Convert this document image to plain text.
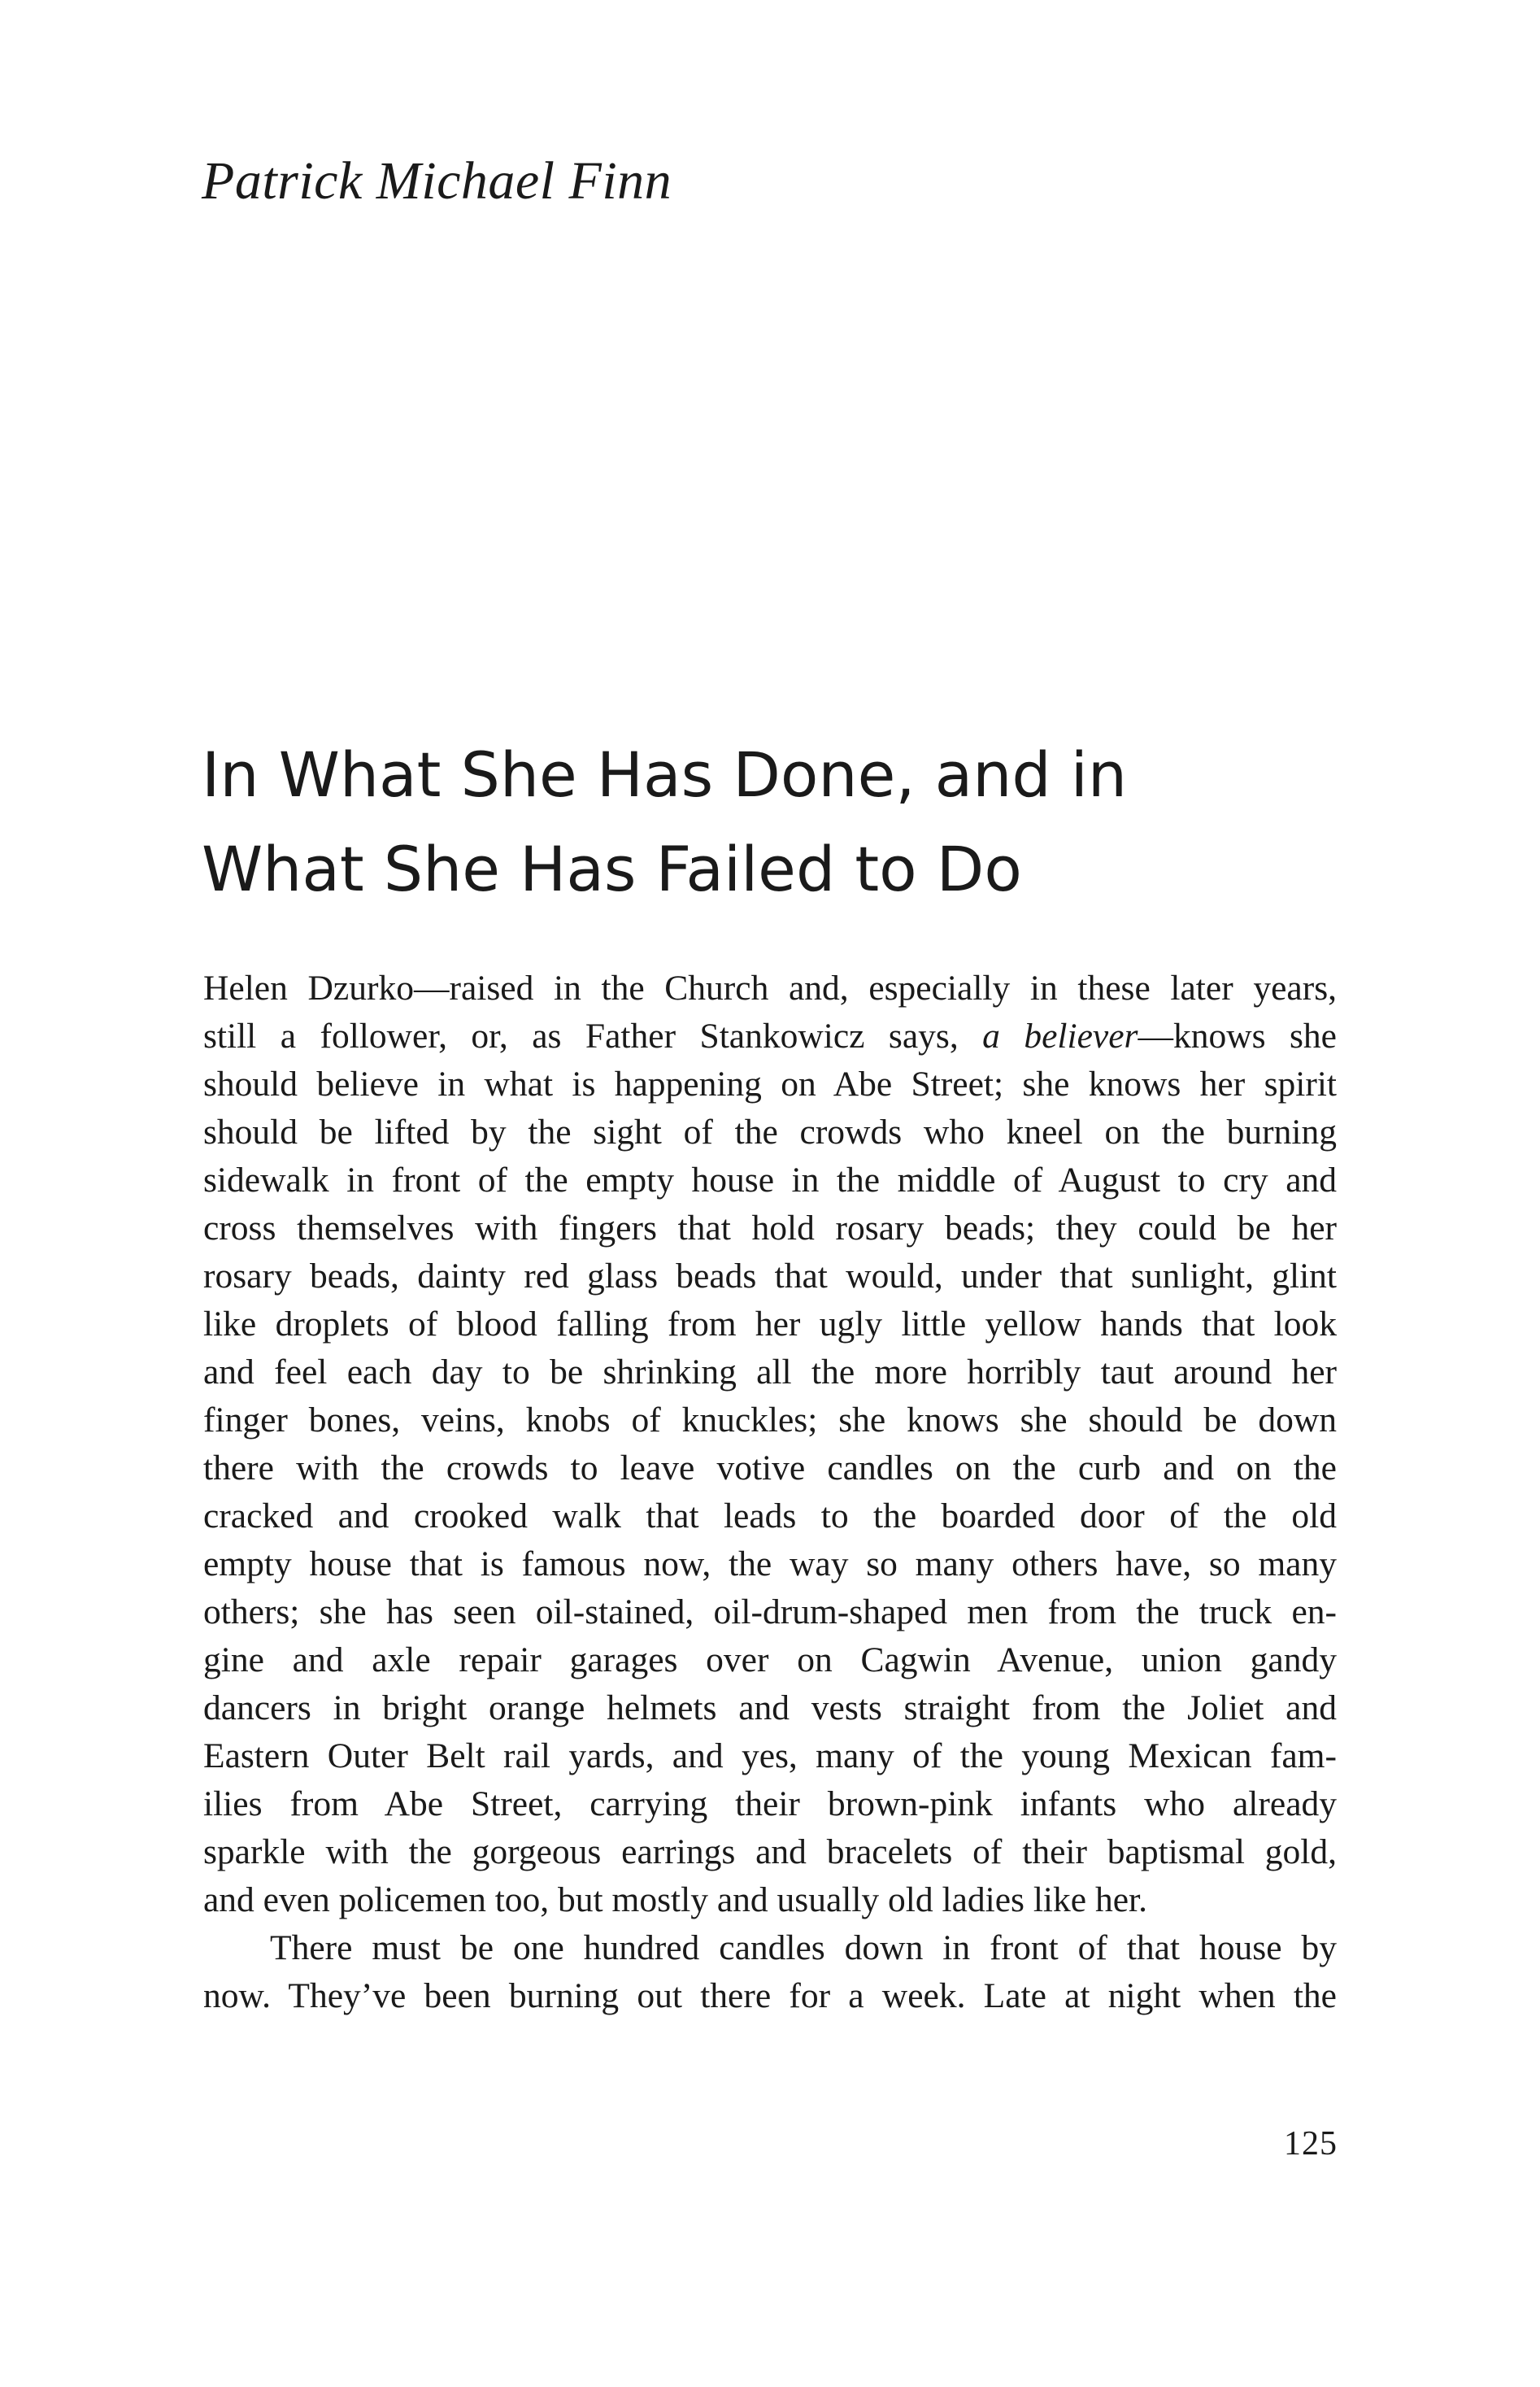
Patrick Michael Finn

In What She Has Done, and in
What She Has Failed to Do
Helen Dzurko—raised in the Church and, especially in these later years,
still a follower, or, as Father Stankowicz says, a believer—knows she
should believe in what is happening on Abe Street; she knows her spirit
should be lifted by the sight of the crowds who kneel on the burning
sidewalk in front of the empty house in the middle of August to cry and
cross themselves with fingers that hold rosary beads; they could be her
rosary beads, dainty red glass beads that would, under that sunlight, glint
like droplets of blood falling from her ugly little yellow hands that look
and feel each day to be shrinking all the more horribly taut around her
finger bones, veins, knobs of knuckles; she knows she should be down
there with the crowds to leave votive candles on the curb and on the
cracked and crooked walk that leads to the boarded door of the old
empty house that is famous now, the way so many others have, so many
others; she has seen oil-stained, oil-drum-shaped men from the truck en-
gine and axle repair garages over on Cagwin Avenue, union gandy
dancers in bright orange helmets and vests straight from the Joliet and
Eastern Outer Belt rail yards, and yes, many of the young Mexican fam-
ilies from Abe Street, carrying their brown-pink infants who already
sparkle with the gorgeous earrings and bracelets of their baptismal gold,
and even policemen too, but mostly and usually old ladies like her.
There must be one hundred candles down in front of that house by
now. They’ve been burning out there for a week. Late at night when the
125
